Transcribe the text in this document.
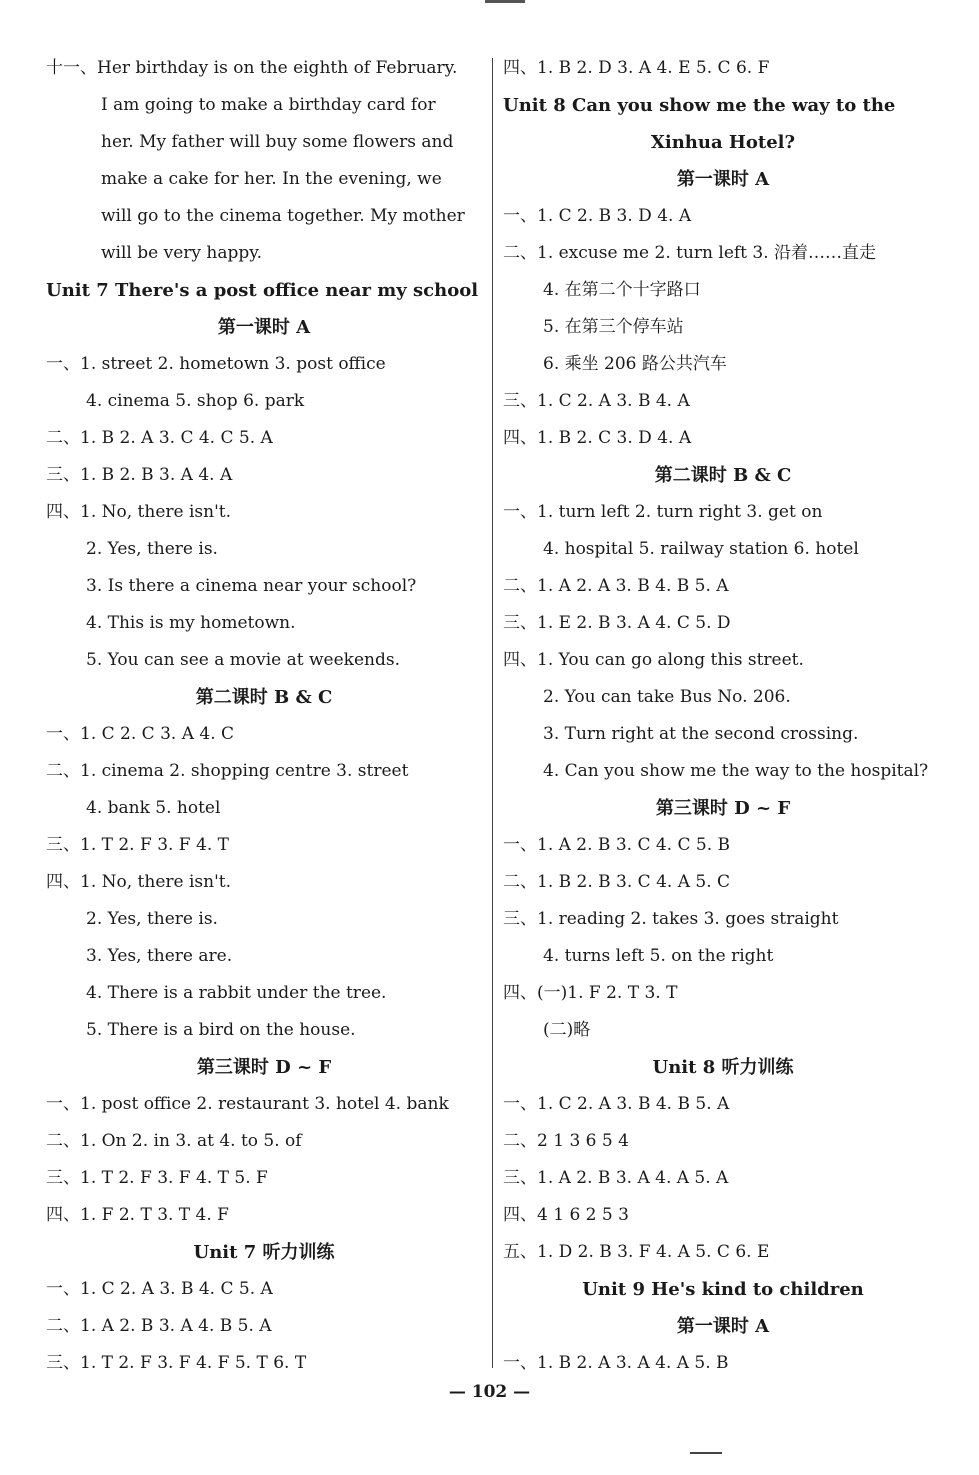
十一、Her birthday is on the eighth of February.
I am going to make a birthday card for
her. My father will buy some flowers and
make a cake for her. In the evening, we
will go to the cinema together. My mother
will be very happy.
Unit 7 There's a post office near my school
第一课时 A
一、1. street 2. hometown 3. post office
4. cinema 5. shop 6. park
二、1. B 2. A 3. C 4. C 5. A
三、1. B 2. B 3. A 4. A
四、1. No, there isn't.
2. Yes, there is.
3. Is there a cinema near your school?
4. This is my hometown.
5. You can see a movie at weekends.
第二课时 B & C
一、1. C 2. C 3. A 4. C
二、1. cinema 2. shopping centre 3. street
4. bank 5. hotel
三、1. T 2. F 3. F 4. T
四、1. No, there isn't.
2. Yes, there is.
3. Yes, there are.
4. There is a rabbit under the tree.
5. There is a bird on the house.
第三课时 D ~ F
一、1. post office 2. restaurant 3. hotel 4. bank
二、1. On 2. in 3. at 4. to 5. of
三、1. T 2. F 3. F 4. T 5. F
四、1. F 2. T 3. T 4. F
Unit 7 听力训练
一、1. C 2. A 3. B 4. C 5. A
二、1. A 2. B 3. A 4. B 5. A
三、1. T 2. F 3. F 4. F 5. T 6. T
四、1. B 2. D 3. A 4. E 5. C 6. F
Unit 8 Can you show me the way to the
Xinhua Hotel?
第一课时 A
一、1. C 2. B 3. D 4. A
二、1. excuse me 2. turn left 3. 沿着……直走
4. 在第二个十字路口
5. 在第三个停车站
6. 乘坐 206 路公共汽车
三、1. C 2. A 3. B 4. A
四、1. B 2. C 3. D 4. A
第二课时 B & C
一、1. turn left 2. turn right 3. get on
4. hospital 5. railway station 6. hotel
二、1. A 2. A 3. B 4. B 5. A
三、1. E 2. B 3. A 4. C 5. D
四、1. You can go along this street.
2. You can take Bus No. 206.
3. Turn right at the second crossing.
4. Can you show me the way to the hospital?
第三课时 D ~ F
一、1. A 2. B 3. C 4. C 5. B
二、1. B 2. B 3. C 4. A 5. C
三、1. reading 2. takes 3. goes straight
4. turns left 5. on the right
四、(一)1. F 2. T 3. T
(二)略
Unit 8 听力训练
一、1. C 2. A 3. B 4. B 5. A
二、2 1 3 6 5 4
三、1. A 2. B 3. A 4. A 5. A
四、4 1 6 2 5 3
五、1. D 2. B 3. F 4. A 5. C 6. E
Unit 9 He's kind to children
第一课时 A
一、1. B 2. A 3. A 4. A 5. B
— 102 —
